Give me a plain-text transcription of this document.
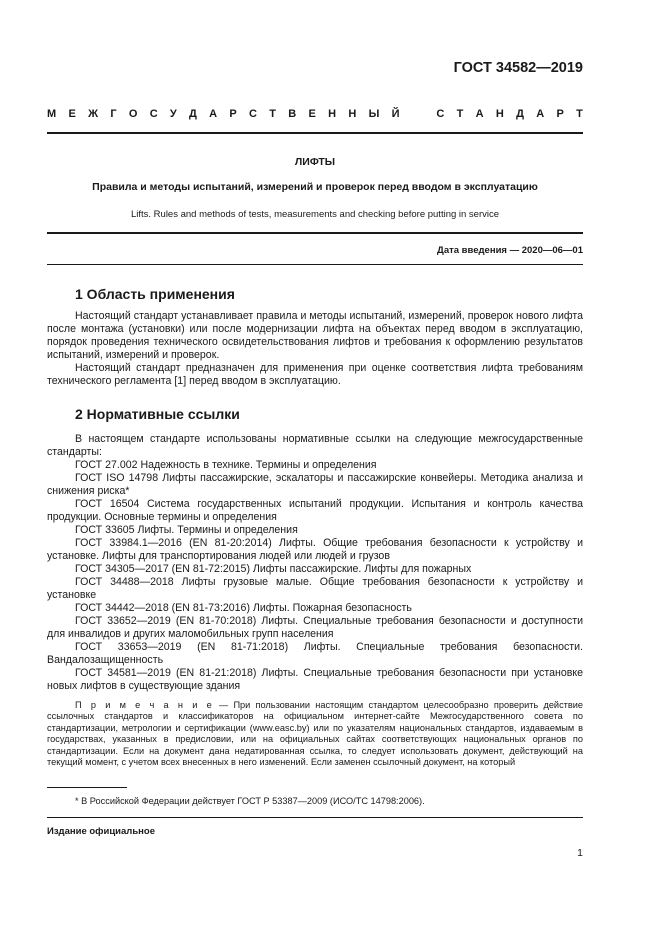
ГОСТ 34582—2019
М Е Ж Г О С У Д А Р С Т В Е Н Н Ы Й	С Т А Н Д А Р Т
ЛИФТЫ
Правила и методы испытаний, измерений и проверок перед вводом в эксплуатацию
Lifts. Rules and methods of tests, measurements and checking before putting in service
Дата введения — 2020—06—01
1 Область применения

Настоящий стандарт устанавливает правила и методы испытаний, измерений, проверок нового лифта после монтажа (установки) или после модернизации лифта на объектах перед вводом в эксплуатацию, порядок проведения технического освидетельствования лифтов и требования к оформлению результатов испытаний, измерений и проверок.

Настоящий стандарт предназначен для применения при оценке соответствия лифта требованиям технического регламента [1] перед вводом в эксплуатацию.

2 Нормативные ссылки

В настоящем стандарте использованы нормативные ссылки на следующие межгосударственные стандарты:

ГОСТ 27.002 Надежность в технике. Термины и определения

ГОСТ ISO 14798 Лифты пассажирские, эскалаторы и пассажирские конвейеры. Методика анализа и снижения риска*

ГОСТ 16504 Система государственных испытаний продукции. Испытания и контроль качества продукции. Основные термины и определения

ГОСТ 33605 Лифты. Термины и определения

ГОСТ 33984.1—2016 (EN 81-20:2014) Лифты. Общие требования безопасности к устройству и установке. Лифты для транспортирования людей или людей и грузов

ГОСТ 34305—2017 (EN 81-72:2015) Лифты пассажирские. Лифты для пожарных

ГОСТ 34488—2018 Лифты грузовые малые. Общие требования безопасности к устройству и установке

ГОСТ 34442—2018 (EN 81-73:2016) Лифты. Пожарная безопасность

ГОСТ 33652—2019 (EN 81-70:2018) Лифты. Специальные требования безопасности и доступности для инвалидов и других маломобильных групп населения

ГОСТ 33653—2019 (EN 81-71:2018) Лифты. Специальные требования безопасности. Вандалозащищенность

ГОСТ 34581—2019 (EN 81-21:2018) Лифты. Специальные требования безопасности при установке новых лифтов в существующие здания

П р и м е ч а н и е — При пользовании настоящим стандартом целесообразно проверить действие ссылочных стандартов и классификаторов на официальном интернет-сайте Межгосударственного совета по стандартизации, метрологии и сертификации (www.easc.by) или по указателям национальных стандартов, издаваемым в государствах, указанных в предисловии, или на официальных сайтах соответствующих национальных органов по стандартизации. Если на документ дана недатированная ссылка, то следует использовать документ, действующий на текущий момент, с учетом всех внесенных в него изменений. Если заменен ссылочный документ, на который

* В Российской Федерации действует ГОСТ Р 53387—2009 (ИСО/ТС 14798:2006).
Издание официальное
1
